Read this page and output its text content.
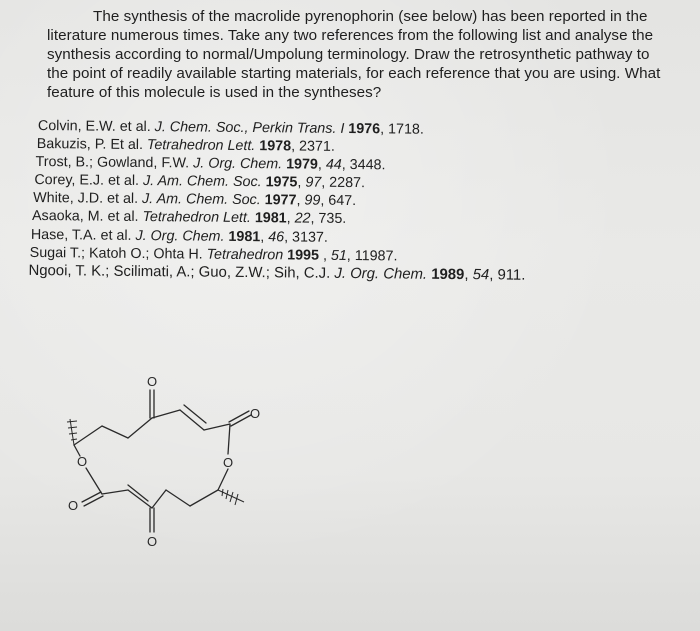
The synthesis of the macrolide pyrenophorin (see below) has been reported in the literature numerous times. Take any two references from the following list and analyse the synthesis according to normal/Umpolung terminology. Draw the retrosynthetic pathway to the point of readily available starting materials, for each reference that you are using. What feature of this molecule is used in the syntheses?
Colvin, E.W. et al. J. Chem. Soc., Perkin Trans. I 1976, 1718.
Bakuzis, P. Et al. Tetrahedron Lett. 1978, 2371.
Trost, B.; Gowland, F.W. J. Org. Chem. 1979, 44, 3448.
Corey, E.J. et al. J. Am. Chem. Soc. 1975, 97, 2287.
White, J.D. et al. J. Am. Chem. Soc. 1977, 99, 647.
Asaoka, M. et al. Tetrahedron Lett. 1981, 22, 735.
Hase, T.A. et al. J. Org. Chem. 1981, 46, 3137.
Sugai T.; Katoh O.; Ohta H. Tetrahedron 1995 , 51, 11987.
Ngooi, T. K.; Scilimati, A.; Guo, Z.W.; Sih, C.J. J. Org. Chem. 1989, 54, 911.
O
O
O
O
O
O
